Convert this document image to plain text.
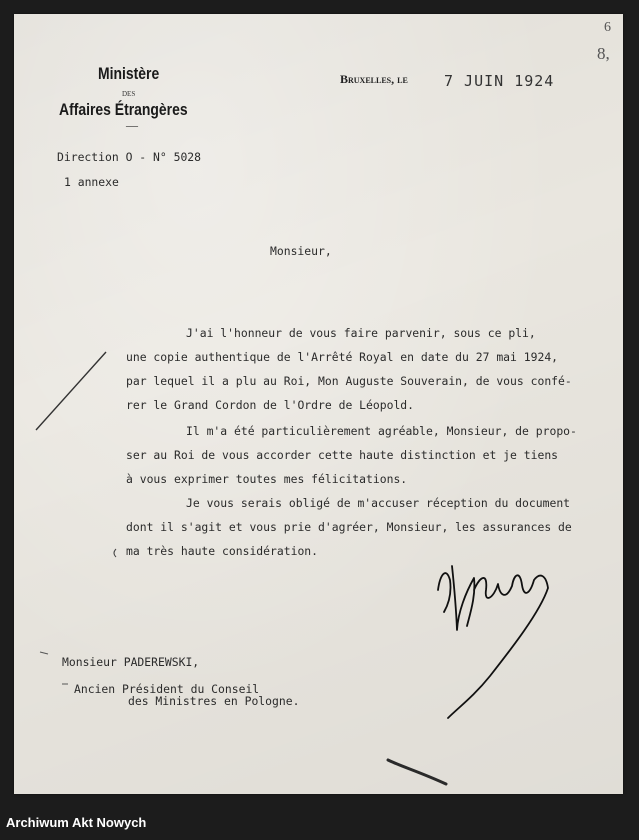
Ministère
DES
Affaires Étrangères
—
Direction O - N° 5028
1 annexe
Bruxelles, le 7 JUIN 1924
6
8,
Monsieur,
J'ai l'honneur de vous faire parvenir, sous ce pli,
une copie authentique de l'Arrêté Royal en date du 27 mai 1924,
par lequel il a plu au Roi, Mon Auguste Souverain, de vous confé-
rer le Grand Cordon de l'Ordre de Léopold.
Il m'a été particulièrement agréable, Monsieur, de propo-
ser au Roi de vous accorder cette haute distinction et je tiens
à vous exprimer toutes mes félicitations.
Je vous serais obligé de m'accuser réception du document
dont il s'agit et vous prie d'agréer, Monsieur, les assurances de
ma très haute considération.
Monsieur PADEREWSKI,
Ancien Président du Conseil
des Ministres en Pologne.
Archiwum Akt Nowych
